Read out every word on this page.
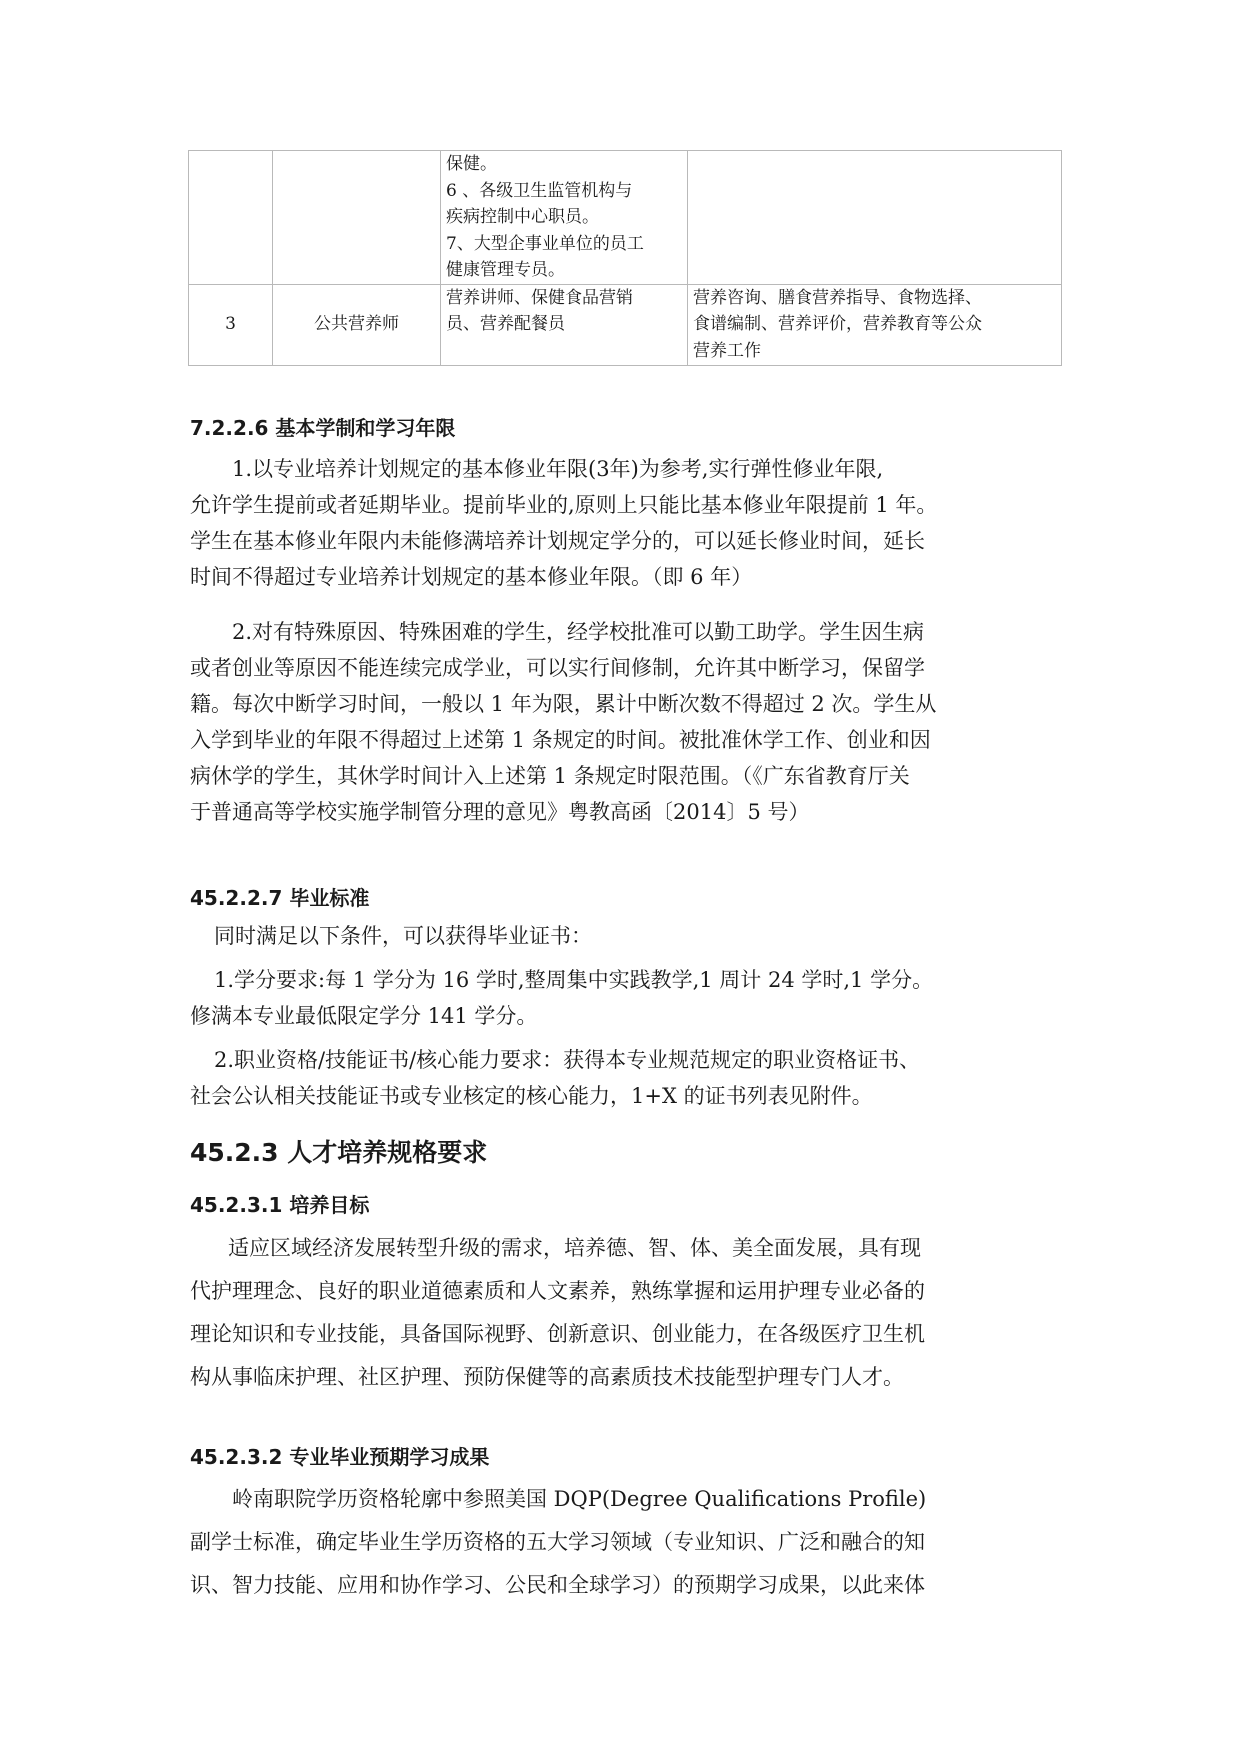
		保健。
6 、各级卫生监管机构与
疾病控制中心职员。
7、大型企事业单位的员工
健康管理专员。	

3	公共营养师	营养讲师、保健食品营销
员、营养配餐员	营养咨询、膳食营养指导、食物选择、
食谱编制、营养评价，营养教育等公众
营养工作
7.2.2.6 基本学制和学习年限
1.以专业培养计划规定的基本修业年限(3年)为参考,实行弹性修业年限,
允许学生提前或者延期毕业。提前毕业的,原则上只能比基本修业年限提前 1 年。
学生在基本修业年限内未能修满培养计划规定学分的，可以延长修业时间，延长
时间不得超过专业培养计划规定的基本修业年限。（即 6 年）
2.对有特殊原因、特殊困难的学生，经学校批准可以勤工助学。学生因生病
或者创业等原因不能连续完成学业，可以实行间修制，允许其中断学习，保留学
籍。每次中断学习时间，一般以 1 年为限，累计中断次数不得超过 2 次。学生从
入学到毕业的年限不得超过上述第 1 条规定的时间。被批准休学工作、创业和因
病休学的学生，其休学时间计入上述第 1 条规定时限范围。（《广东省教育厅关
于普通高等学校实施学制管分理的意见》粤教高函〔2014〕5 号）
45.2.2.7 毕业标准
同时满足以下条件，可以获得毕业证书：
1.学分要求:每 1 学分为 16 学时,整周集中实践教学,1 周计 24 学时,1 学分。
修满本专业最低限定学分 141 学分。
2.职业资格/技能证书/核心能力要求：获得本专业规范规定的职业资格证书、
社会公认相关技能证书或专业核定的核心能力，1+X 的证书列表见附件。
45.2.3 人才培养规格要求
45.2.3.1 培养目标
适应区域经济发展转型升级的需求，培养德、智、体、美全面发展，具有现
代护理理念、良好的职业道德素质和人文素养，熟练掌握和运用护理专业必备的
理论知识和专业技能，具备国际视野、创新意识、创业能力，在各级医疗卫生机
构从事临床护理、社区护理、预防保健等的高素质技术技能型护理专门人才。
45.2.3.2 专业毕业预期学习成果
岭南职院学历资格轮廓中参照美国 DQP(Degree Qualifications Profile)
副学士标准，确定毕业生学历资格的五大学习领域（专业知识、广泛和融合的知
识、智力技能、应用和协作学习、公民和全球学习）的预期学习成果，以此来体
